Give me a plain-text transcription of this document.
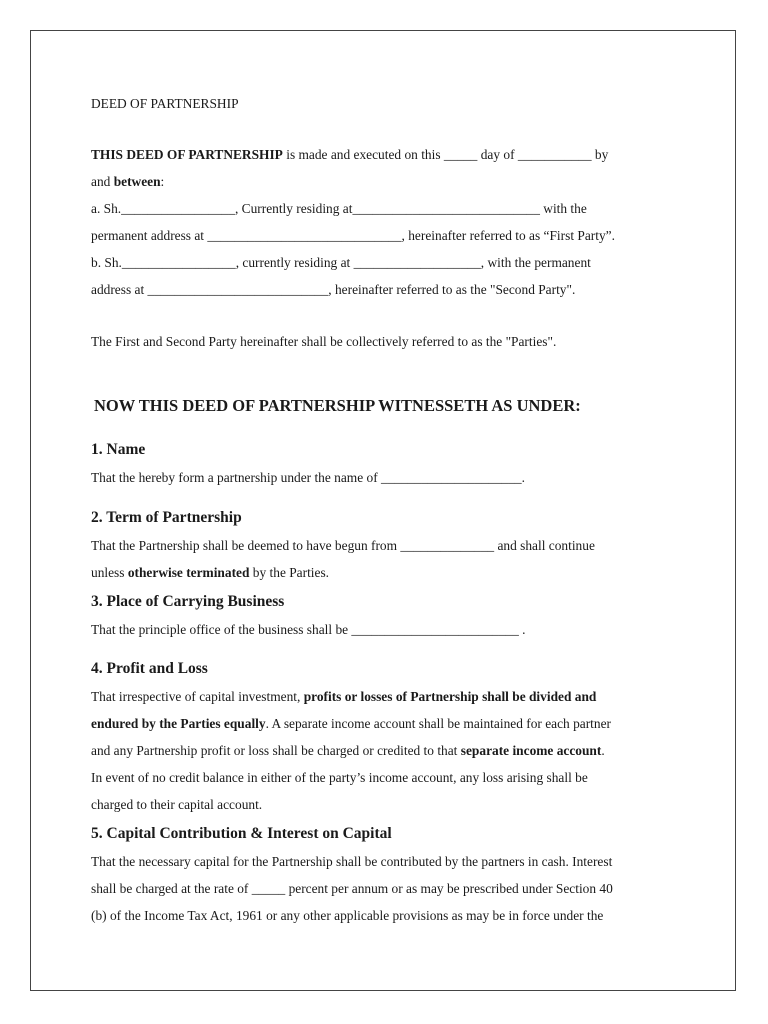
DEED OF PARTNERSHIP
THIS DEED OF PARTNERSHIP is made and executed on this _____ day of ___________ by
and between:
a. Sh._________________, Currently residing at____________________________ with the
permanent address at _____________________________, hereinafter referred to as “First Party”.
b. Sh._________________, currently residing at ___________________, with the permanent
address at ___________________________, hereinafter referred to as the "Second Party".
The First and Second Party hereinafter shall be collectively referred to as the "Parties".
NOW THIS DEED OF PARTNERSHIP WITNESSETH AS UNDER:
1. Name
That the hereby form a partnership under the name of _____________________.
2. Term of Partnership
That the Partnership shall be deemed to have begun from ______________ and shall continue
unless otherwise terminated by the Parties.
3. Place of Carrying Business
That the principle office of the business shall be _________________________ .
4. Profit and Loss
That irrespective of capital investment, profits or losses of Partnership shall be divided and
endured by the Parties equally. A separate income account shall be maintained for each partner
and any Partnership profit or loss shall be charged or credited to that separate income account.
In event of no credit balance in either of the party’s income account, any loss arising shall be
charged to their capital account.
5. Capital Contribution & Interest on Capital
That the necessary capital for the Partnership shall be contributed by the partners in cash. Interest
shall be charged at the rate of _____ percent per annum or as may be prescribed under Section 40
(b) of the Income Tax Act, 1961 or any other applicable provisions as may be in force under the
